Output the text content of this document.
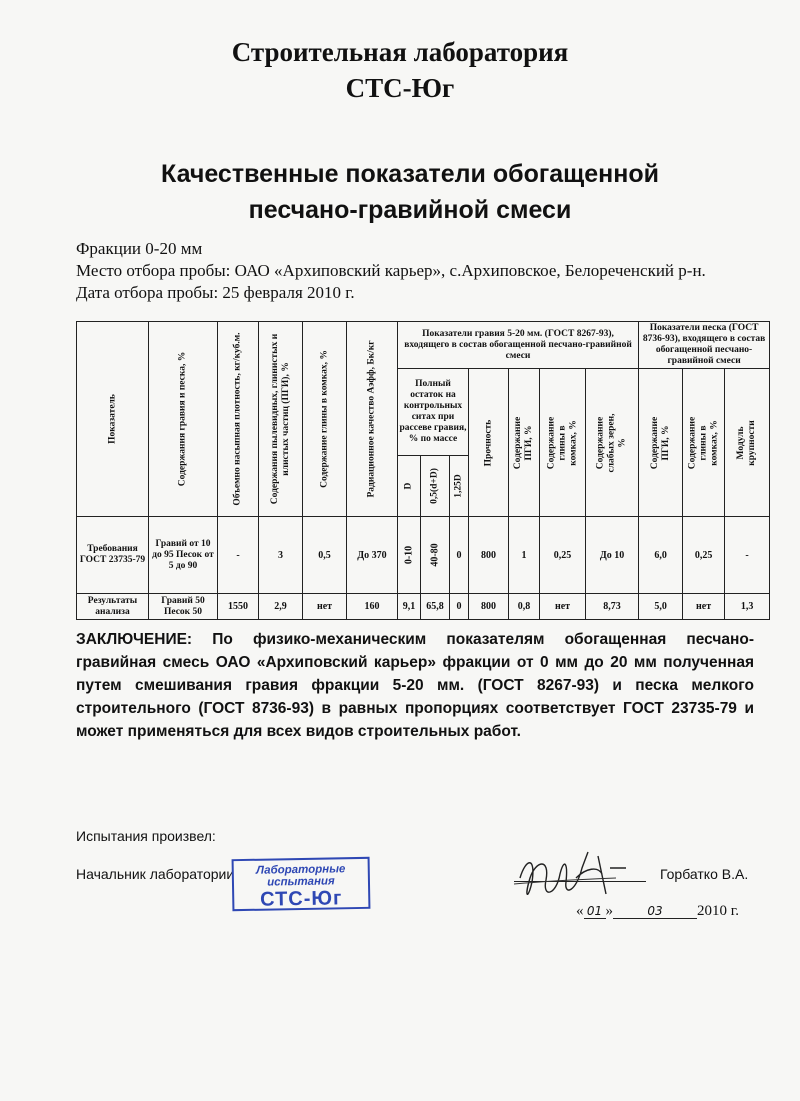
Строительная лаборатория
СТС-Юг
Качественные показатели обогащенной
песчано-гравийной смеси
Фракции 0-20 мм
Место отбора пробы: ОАО «Архиповский карьер», с.Архиповское, Белореченский р-н.
Дата отбора пробы: 25 февраля 2010 г.
Показатель	Содержания гравия и песка, %	Объемно насыпная плотность, кг/куб.м.	Содержания пылевидных, глинистых и илистых частиц (ПГИ), %	Содержание глины в комках, %	Радиационное качество Аэфф, Бк/кг	Показатели гравия 5-20 мм. (ГОСТ 8267-93), входящего в состав обогащенной песчано-гравийной смеси							Показатели песка (ГОСТ 8736-93), входящего в состав обогащенной песчано-гравийной смеси		
						Полный остаток на контрольных ситах при рассеве гравия, % по массе			Прочность	Содержание ПГИ, %	Содержание глины в комках, %	Содержание слабых зерен, %	Содержание ПГИ, %	Содержание глины в комках, %	Модуль крупности

						D	0,5(d+D)	1,25D							

Требования ГОСТ 23735-79	Гравий от 10 до 95 Песок от 5 до 90	-	3	0,5	До 370	0-10	40-80	0	800	1	0,25	До 10	6,0	0,25	-
Результаты анализа	Гравий 50 Песок 50	1550	2,9	нет	160	9,1	65,8	0	800	0,8	нет	8,73	5,0	нет	1,3
ЗАКЛЮЧЕНИЕ: По физико-механическим показателям обогащенная песчано-гравийная смесь ОАО «Архиповский карьер» фракции от 0 мм до 20 мм полученная путем смешивания гравия фракции 5-20 мм. (ГОСТ 8267-93) и песка мелкого строительного (ГОСТ 8736-93) в равных пропорциях соответствует ГОСТ 23735-79 и может применяться для всех видов строительных работ.
Испытания произвел:
Начальник лаборатории	Лабораторные испытания
СТС-Юг
Горбатко В.А.
« 01 »	03 2010 г.
